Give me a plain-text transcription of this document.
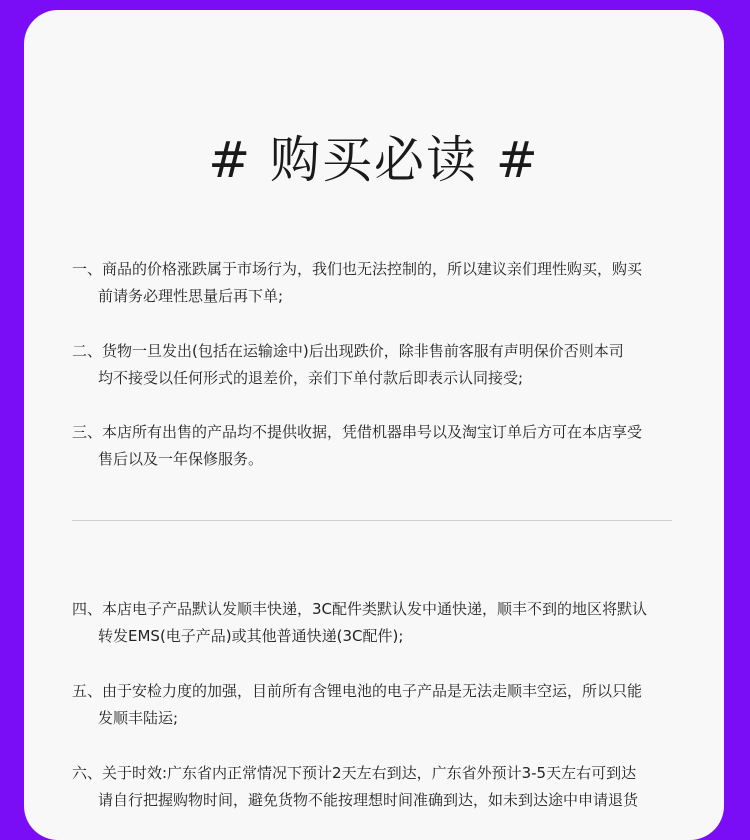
# 购买必读 #
一、商品的价格涨跌属于市场行为，我们也无法控制的，所以建议亲们理性购买，购买
前请务必理性思量后再下单;
二、货物一旦发出(包括在运输途中)后出现跌价，除非售前客服有声明保价否则本司
均不接受以任何形式的退差价，亲们下单付款后即表示认同接受;
三、本店所有出售的产品均不提供收据，凭借机器串号以及淘宝订单后方可在本店享受
售后以及一年保修服务。
四、本店电子产品默认发顺丰快递，3C配件类默认发中通快递，顺丰不到的地区将默认
转发EMS(电子产品)或其他普通快递(3C配件);
五、由于安检力度的加强，目前所有含锂电池的电子产品是无法走顺丰空运，所以只能
发顺丰陆运;
六、关于时效:广东省内正常情况下预计2天左右到达，广东省外预计3-5天左右可到达
请自行把握购物时间，避免货物不能按理想时间准确到达，如未到达途中申请退货
